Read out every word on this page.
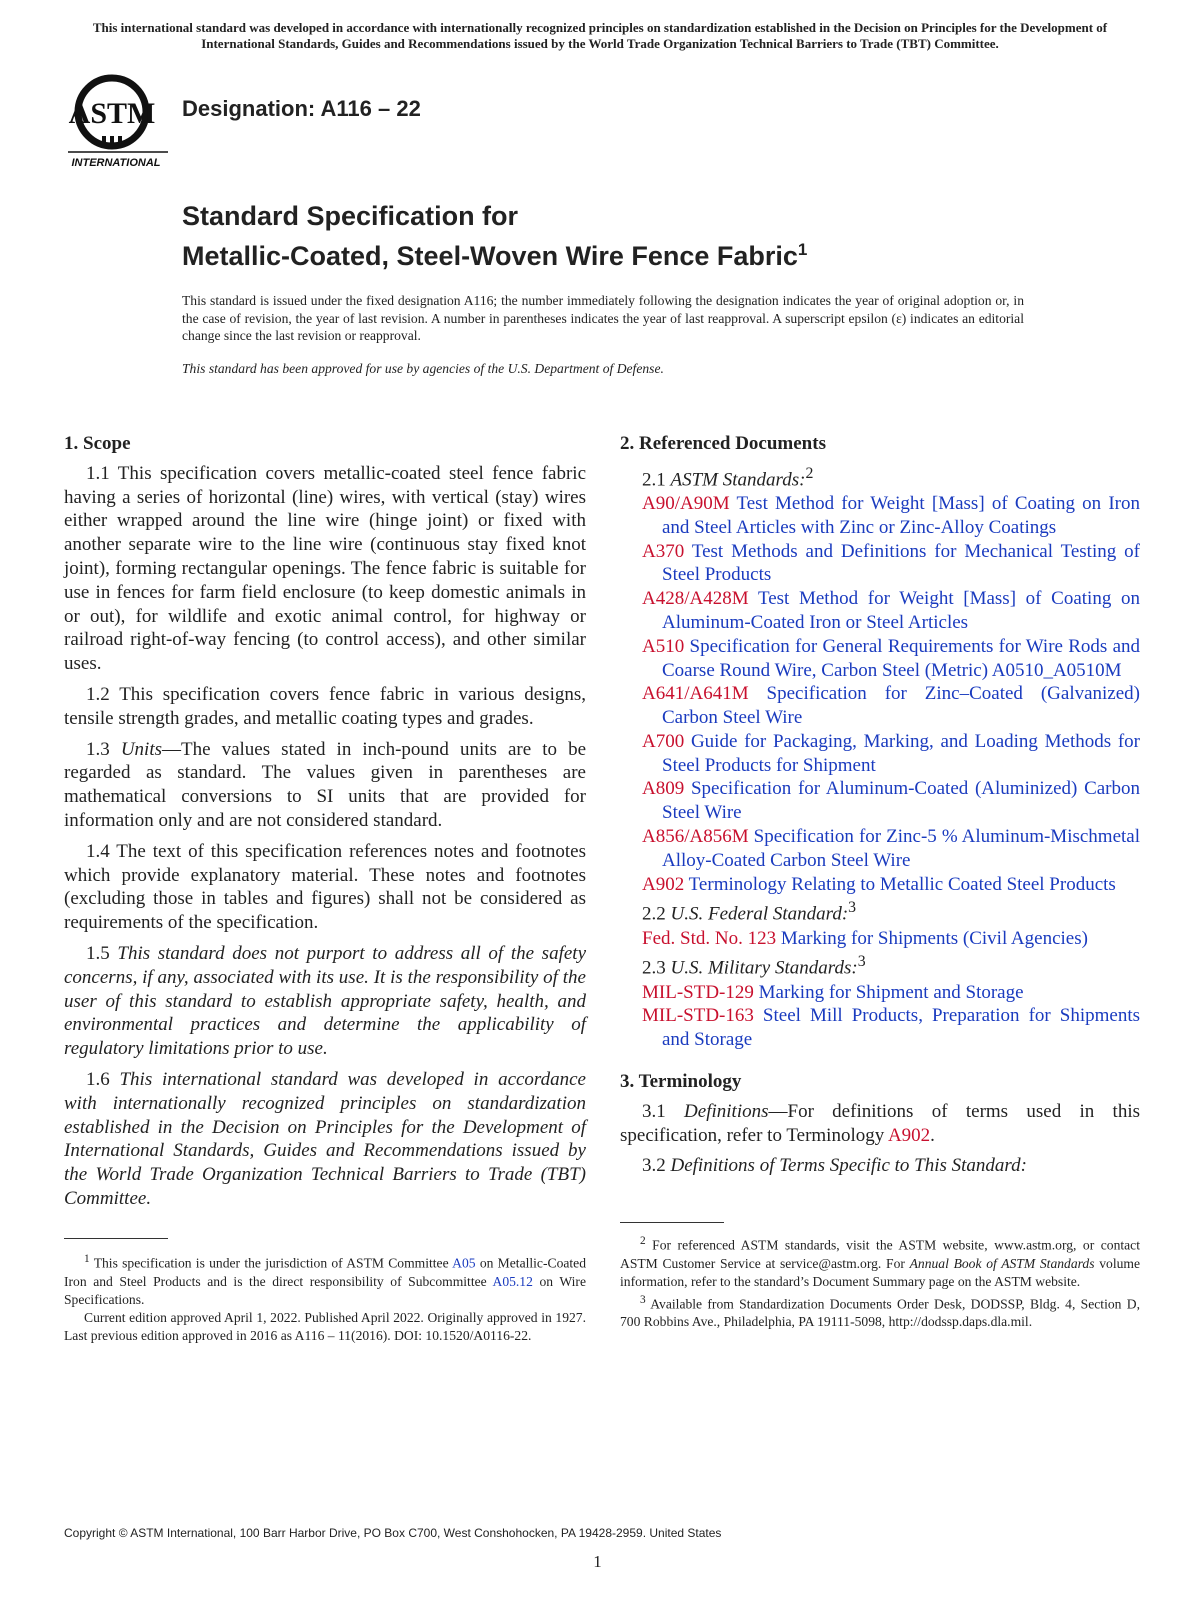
This international standard was developed in accordance with internationally recognized principles on standardization established in the Decision on Principles for the Development of International Standards, Guides and Recommendations issued by the World Trade Organization Technical Barriers to Trade (TBT) Committee.
ASTM
INTERNATIONAL
Designation: A116 – 22
Standard Specification for
Metallic-Coated, Steel-Woven Wire Fence Fabric$^1$
This standard is issued under the fixed designation A116; the number immediately following the designation indicates the year of original adoption or, in the case of revision, the year of last revision. A number in parentheses indicates the year of last reapproval. A superscript epsilon (ε) indicates an editorial change since the last revision or reapproval.
This standard has been approved for use by agencies of the U.S. Department of Defense.
1. Scope

1.1 This specification covers metallic-coated steel fence fabric having a series of horizontal (line) wires, with vertical (stay) wires either wrapped around the line wire (hinge joint) or fixed with another separate wire to the line wire (continuous stay fixed knot joint), forming rectangular openings. The fence fabric is suitable for use in fences for farm field enclosure (to keep domestic animals in or out), for wildlife and exotic animal control, for highway or railroad right-of-way fencing (to control access), and other similar uses.

1.2 This specification covers fence fabric in various designs, tensile strength grades, and metallic coating types and grades.

1.3 Units—The values stated in inch-pound units are to be regarded as standard. The values given in parentheses are mathematical conversions to SI units that are provided for information only and are not considered standard.

1.4 The text of this specification references notes and footnotes which provide explanatory material. These notes and footnotes (excluding those in tables and figures) shall not be considered as requirements of the specification.

1.5 This standard does not purport to address all of the safety concerns, if any, associated with its use. It is the responsibility of the user of this standard to establish appropriate safety, health, and environmental practices and determine the applicability of regulatory limitations prior to use.

1.6 This international standard was developed in accordance with internationally recognized principles on standardization established in the Decision on Principles for the Development of International Standards, Guides and Recommendations issued by the World Trade Organization Technical Barriers to Trade (TBT) Committee.

2. Referenced Documents
2.1 ASTM Standards:$^2$
A90/A90M Test Method for Weight [Mass] of Coating on Iron and Steel Articles with Zinc or Zinc-Alloy Coatings
A370 Test Methods and Definitions for Mechanical Testing of Steel Products
A428/A428M Test Method for Weight [Mass] of Coating on Aluminum-Coated Iron or Steel Articles
A510 Specification for General Requirements for Wire Rods and Coarse Round Wire, Carbon Steel (Metric) A0510_A0510M
A641/A641M Specification for Zinc–Coated (Galvanized) Carbon Steel Wire
A700 Guide for Packaging, Marking, and Loading Methods for Steel Products for Shipment
A809 Specification for Aluminum-Coated (Aluminized) Carbon Steel Wire
A856/A856M Specification for Zinc-5 % Aluminum-Mischmetal Alloy-Coated Carbon Steel Wire
A902 Terminology Relating to Metallic Coated Steel Products
2.2 U.S. Federal Standard:$^3$
Fed. Std. No. 123 Marking for Shipments (Civil Agencies)
2.3 U.S. Military Standards:$^3$
MIL-STD-129 Marking for Shipment and Storage
MIL-STD-163 Steel Mill Products, Preparation for Shipments and Storage
3. Terminology

3.1 Definitions—For definitions of terms used in this specification, refer to Terminology A902.

3.2 Definitions of Terms Specific to This Standard:

$^1$ This specification is under the jurisdiction of ASTM Committee A05 on Metallic-Coated Iron and Steel Products and is the direct responsibility of Subcommittee A05.12 on Wire Specifications.

Current edition approved April 1, 2022. Published April 2022. Originally approved in 1927. Last previous edition approved in 2016 as A116 – 11(2016). DOI: 10.1520/A0116-22.

$^2$ For referenced ASTM standards, visit the ASTM website, www.astm.org, or contact ASTM Customer Service at service@astm.org. For Annual Book of ASTM Standards volume information, refer to the standard’s Document Summary page on the ASTM website.

$^3$ Available from Standardization Documents Order Desk, DODSSP, Bldg. 4, Section D, 700 Robbins Ave., Philadelphia, PA 19111-5098, http://dodssp.daps.dla.mil.

Copyright © ASTM International, 100 Barr Harbor Drive, PO Box C700, West Conshohocken, PA 19428-2959. United States
1
